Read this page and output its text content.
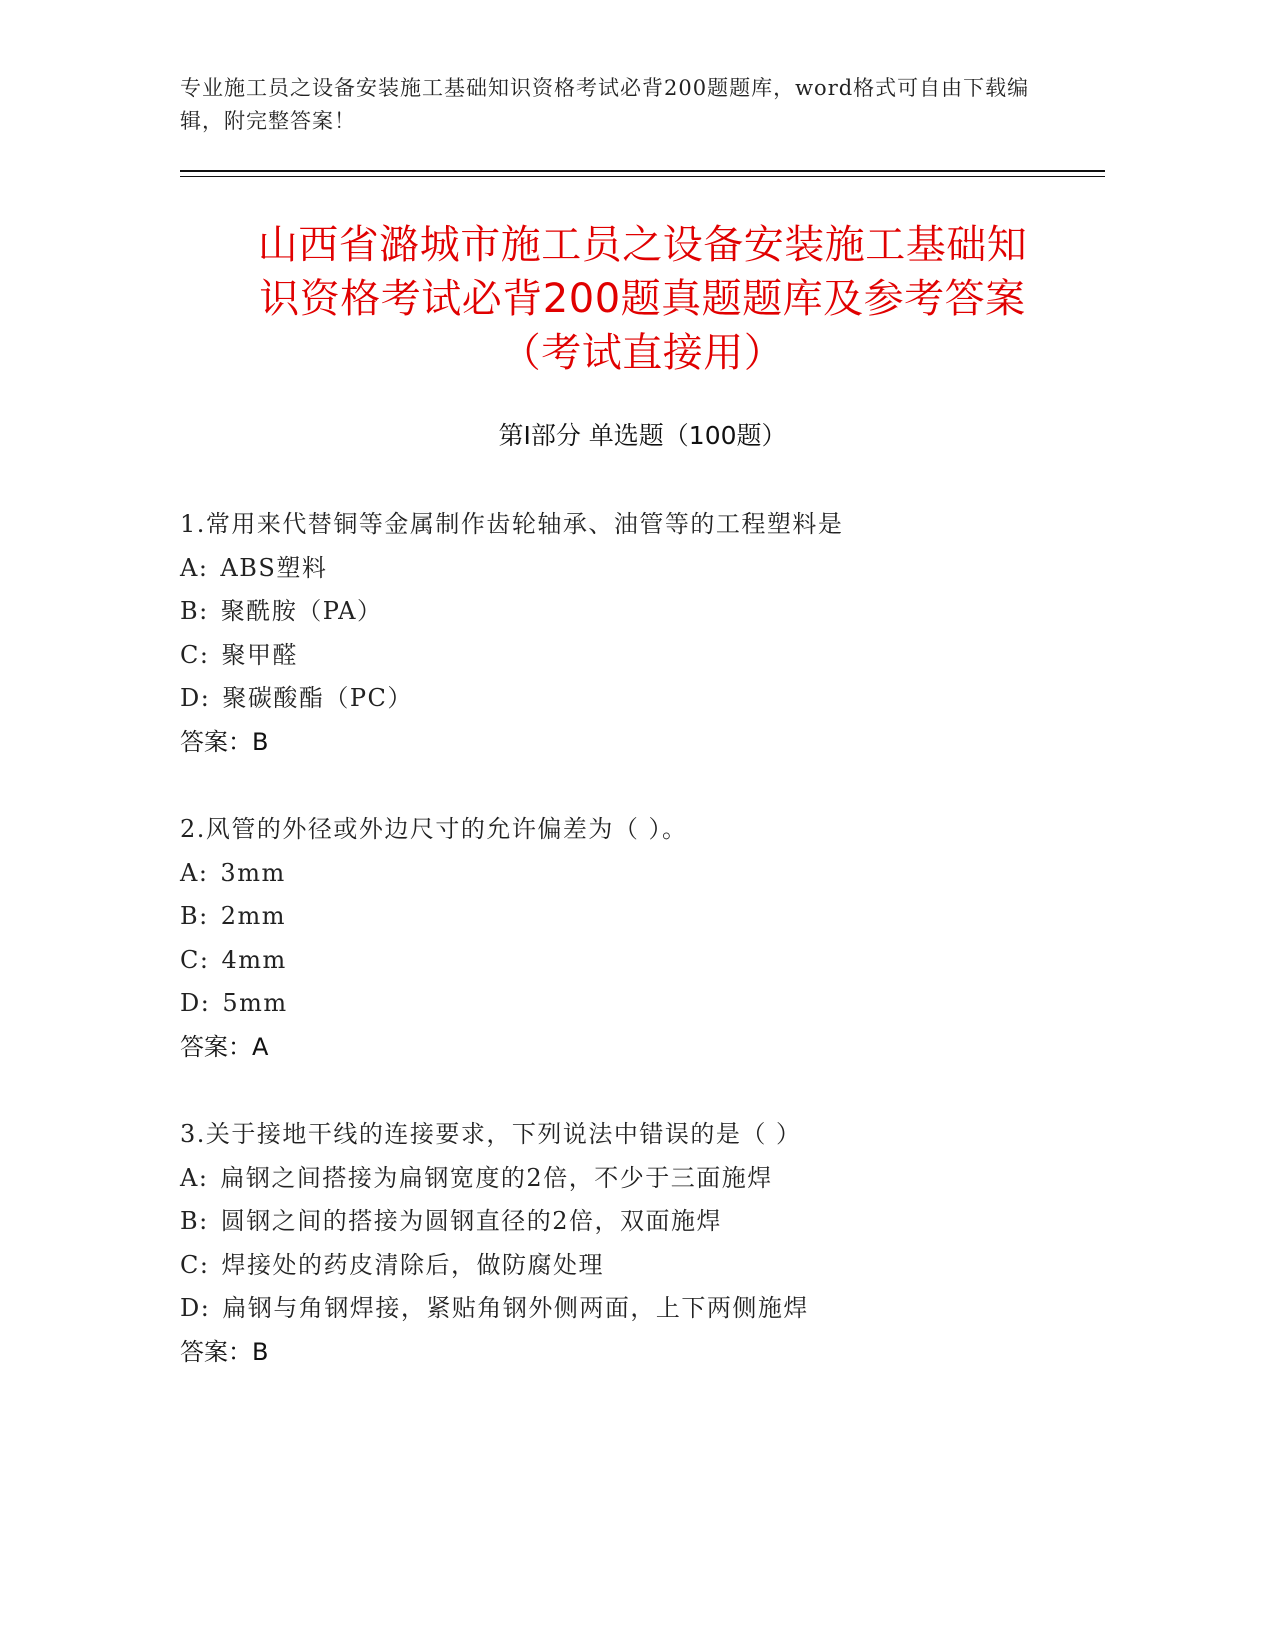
专业施工员之设备安装施工基础知识资格考试必背200题题库，word格式可自由下载编辑，附完整答案！
山西省潞城市施工员之设备安装施工基础知
识资格考试必背200题真题题库及参考答案
（考试直接用）
第I部分 单选题（100题）
1.常用来代替铜等金属制作齿轮轴承、油管等的工程塑料是
A: ABS塑料
B: 聚酰胺（PA）
C: 聚甲醛
D: 聚碳酸酯（PC）
答案：B
2.风管的外径或外边尺寸的允许偏差为（ ）。
A: 3mm
B: 2mm
C: 4mm
D: 5mm
答案：A
3.关于接地干线的连接要求，下列说法中错误的是（ ）
A: 扁钢之间搭接为扁钢宽度的2倍，不少于三面施焊
B: 圆钢之间的搭接为圆钢直径的2倍，双面施焊
C: 焊接处的药皮清除后，做防腐处理
D: 扁钢与角钢焊接，紧贴角钢外侧两面，上下两侧施焊
答案：B
